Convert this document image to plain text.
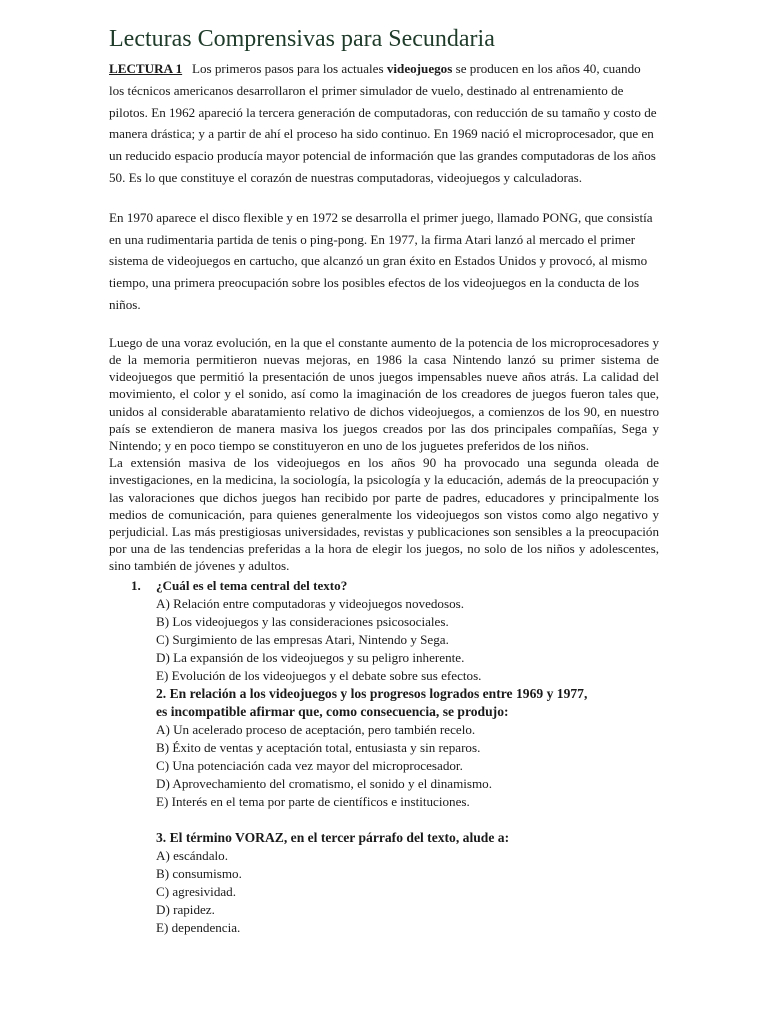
Lecturas Comprensivas para Secundaria

LECTURA 1 Los primeros pasos para los actuales videojuegos se producen en los años 40, cuando los técnicos americanos desarrollaron el primer simulador de vuelo, destinado al entrenamiento de pilotos. En 1962 apareció la tercera generación de computadoras, con reducción de su tamaño y costo de manera drástica; y a partir de ahí el proceso ha sido continuo. En 1969 nació el microprocesador, que en un reducido espacio producía mayor potencial de información que las grandes computadoras de los años 50. Es lo que constituye el corazón de nuestras computadoras, videojuegos y calculadoras.

En 1970 aparece el disco flexible y en 1972 se desarrolla el primer juego, llamado PONG, que consistía en una rudimentaria partida de tenis o ping-pong. En 1977, la firma Atari lanzó al mercado el primer sistema de videojuegos en cartucho, que alcanzó un gran éxito en Estados Unidos y provocó, al mismo tiempo, una primera preocupación sobre los posibles efectos de los videojuegos en la conducta de los niños.

Luego de una voraz evolución, en la que el constante aumento de la potencia de los microprocesadores y de la memoria permitieron nuevas mejoras, en 1986 la casa Nintendo lanzó su primer sistema de videojuegos que permitió la presentación de unos juegos impensables nueve años atrás. La calidad del movimiento, el color y el sonido, así como la imaginación de los creadores de juegos fueron tales que, unidos al considerable abaratamiento relativo de dichos videojuegos, a comienzos de los 90, en nuestro país se extendieron de manera masiva los juegos creados por las dos principales compañías, Sega y Nintendo; y en poco tiempo se constituyeron en uno de los juguetes preferidos de los niños.

La extensión masiva de los videojuegos en los años 90 ha provocado una segunda oleada de investigaciones, en la medicina, la sociología, la psicología y la educación, además de la preocupación y las valoraciones que dichos juegos han recibido por parte de padres, educadores y principalmente los medios de comunicación, para quienes generalmente los videojuegos son vistos como algo negativo y perjudicial. Las más prestigiosas universidades, revistas y publicaciones son sensibles a la preocupación por una de las tendencias preferidas a la hora de elegir los juegos, no solo de los niños y adolescentes, sino también de jóvenes y adultos.

1.	¿Cuál es el tema central del texto?
A) Relación entre computadoras y videojuegos novedosos.
B) Los videojuegos y las consideraciones psicosociales.
C) Surgimiento de las empresas Atari, Nintendo y Sega.
D) La expansión de los videojuegos y su peligro inherente.
E) Evolución de los videojuegos y el debate sobre sus efectos.
2. En relación a los videojuegos y los progresos logrados entre 1969 y 1977,
es incompatible afirmar que, como consecuencia, se produjo:
A) Un acelerado proceso de aceptación, pero también recelo.
B) Éxito de ventas y aceptación total, entusiasta y sin reparos.
C) Una potenciación cada vez mayor del microprocesador.
D) Aprovechamiento del cromatismo, el sonido y el dinamismo.
E) Interés en el tema por parte de científicos e instituciones.
3. El término VORAZ, en el tercer párrafo del texto, alude a:
A) escándalo.
B) consumismo.
C) agresividad.
D) rapidez.
E) dependencia.
